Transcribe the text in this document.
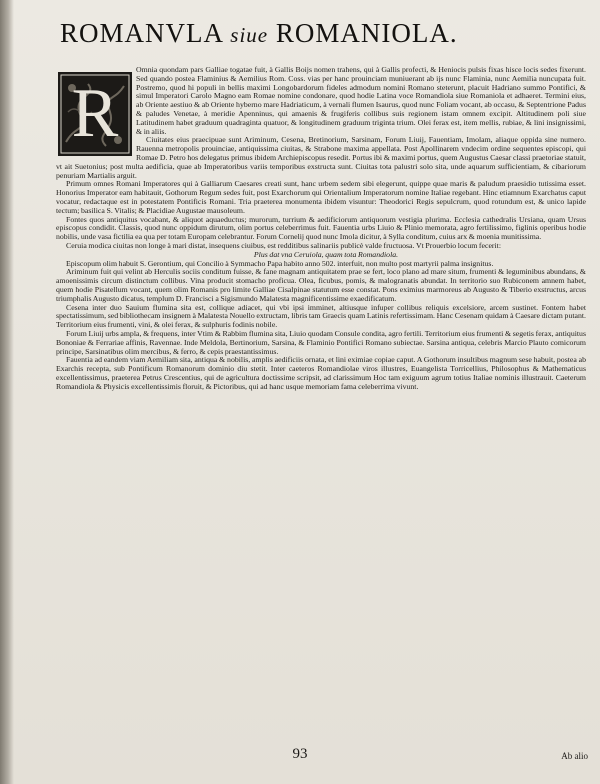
ROMANVLA siue ROMANIOLA.
R

Omnia quondam pars Galliae togatae fuit, à Gallis Boijs nomen trahens, qui à Gallis profecti, & Heniocis pulsis fixas hisce locis sedes fixerunt. Sed quando postea Flaminius & Aemilius Rom. Coss. vias per hanc prouinciam muniuerant ab ijs nunc Flaminia, nunc Aemilia nuncupata fuit. Postremo, quod hi populi in bellis maximi Longobardorum fideles admodum nomini Romano steterunt, placuit Hadriano summo Pontifici, & simul Imperatori Carolo Magno eam Romae nomine condonare, quod hodie Latina voce Romandiola siue Romaniola et adhaeret. Termini eius, ab Oriente aestiuo & ab Oriente hyberno mare Hadriaticum, à vernali flumen Isaurus, quod nunc Foliam vocant, ab occasu, & Septentrione Padus & paludes Venetae, à meridie Apenninus, qui amaenis & frugiferis collibus suis regionem istam omnem excipit. Altitudinem poli siue Latitudinem habet graduum quadraginta quatuor, & longitudinem graduum triginta trium. Olei ferax est, item mellis, rubiae, & lini insignissimi, & in aliis.

Ciuitates eius praecipuae sunt Ariminum, Cesena, Bretinorium, Sarsinam, Forum Liuij, Fauentiam, Imolam, aliaque oppida sine numero. Rauenna metropolis prouinciae, antiquissima ciuitas, & Strabone maxima appellata. Post Apollinarem vndecim ordine sequentes episcopi, qui Romae D. Petro hos delegatus primus ibidem Archiepiscopus resedit. Portus ibi & maximi portus, quem Augustus Caesar classi praetoriae statuit, vt ait Suetonius; post multa aedificia, quae ab Imperatoribus variis temporibus exstructa sunt. Ciuitas tota palustri solo sita, unde aquarum sufficientiam, & cibariorum penuriam Martialis arguit.

Primum omnes Romani Imperatores qui à Galliarum Caesares creati sunt, hanc urbem sedem sibi elegerunt, quippe quae maris & paludum praesidio tutissima esset. Honorius Imperator eam habitauit, Gothorum Regum sedes fuit, post Exarchorum qui Orientalium Imperatorum nomine Italiae regebant. Hinc etiamnum Exarchatus caput vocatur, redactaque est in potestatem Pontificis Romani. Tria praeterea monumenta ibidem visuntur: Theodorici Regis sepulcrum, quod rotundum est, & unico lapide tectum; basilica S. Vitalis; & Placidiae Augustae mausoleum.

Fontes quos antiquitus vocabant, & aliquot aquaeductus; murorum, turrium & aedificiorum antiquorum vestigia plurima. Ecclesia cathedralis Ursiana, quam Ursus episcopus condidit. Classis, quod nunc oppidum dirutum, olim portus celeberrimus fuit. Fauentia urbs Liuio & Plinio memorata, agro fertilissimo, figlinis operibus hodie nobilis, unde vasa fictilia ea qua per totam Europam celebrantur. Forum Cornelij quod nunc Imola dicitur, à Sylla conditum, cuius arx & moenia munitissima.

Ceruia modica ciuitas non longe à mari distat, insequens ciuibus, est redditibus salinariis publicè valde fructuosa. Vt Prouerbio locum fecerit:

Plus dat vna Ceruiola, quam tota Romandiola.

Episcopum olim habuit S. Gerontium, qui Concilio à Symmacho Papa habito anno 502. interfuit, non multo post martyrii palma insignitus.

Ariminum fuit qui velint ab Herculis sociis conditum fuisse, & fane magnam antiquitatem prae se fert, loco plano ad mare situm, frumenti & leguminibus abundans, & amoenissimis circum distinctum collibus. Vina producit stomacho proficua. Olea, ficubus, pomis, & malogranatis abundat. In territorio suo Rubiconem amnem habet, quem hodie Pisatellum vocant, quem olim Romanis pro limite Galliae Cisalpinae statutum esse constat. Pons eximius marmoreus ab Augusto & Tiberio exstructus, arcus triumphalis Augusto dicatus, templum D. Francisci a Sigismundo Malatesta magnificentissime exaedificatum.

Cesena inter duo Sauium flumina sita est, collique adiacet, qui vbi ipsi imminet, altiusque infuper collibus reliquis excelsiore, arcem sustinet. Fontem habet spectatissimum, sed bibliothecam insignem à Malatesta Nouello extructam, libris tam Graecis quam Latinis refertissimam. Hanc Cesenam quidam à Caesare dictam putant. Territorium eius frumenti, vini, & olei ferax, & sulphuris fodinis nobile.

Forum Liuij urbs ampla, & frequens, inter Vtim & Rabbim flumina sita, Liuio quodam Consule condita, agro fertili. Territorium eius frumenti & segetis ferax, antiquitus Bononiae & Ferrariae affinis, Ravennae. Inde Meldola, Bertinorium, Sarsina, & Flaminio Pontifici Romano subiectae. Sarsina antiqua, celebris Marcio Plauto comicorum principe, Sarsinatibus olim mercibus, & ferro, & cepis praestantissimus.

Fauentia ad eandem viam Aemiliam sita, antiqua & nobilis, amplis aedificiis ornata, et lini eximiae copiae caput. A Gothorum insultibus magnum sese habuit, postea ab Exarchis recepta, sub Pontificum Romanorum dominio diu stetit. Inter caeteros Romandiolae viros illustres, Euangelista Torricellius, Philosophus & Mathematicus excellentissimus, praeterea Petrus Crescentius, qui de agricultura doctissime scripsit, ad clarissimum Hoc tam exiguum agrum totius Italiae nominis illustrauit. Caeterum Romandiola & Physicis excellentissimis floruit, & Pictoribus, qui ad hanc usque memoriam fama celeberrima vivunt.

93	Ab alio
